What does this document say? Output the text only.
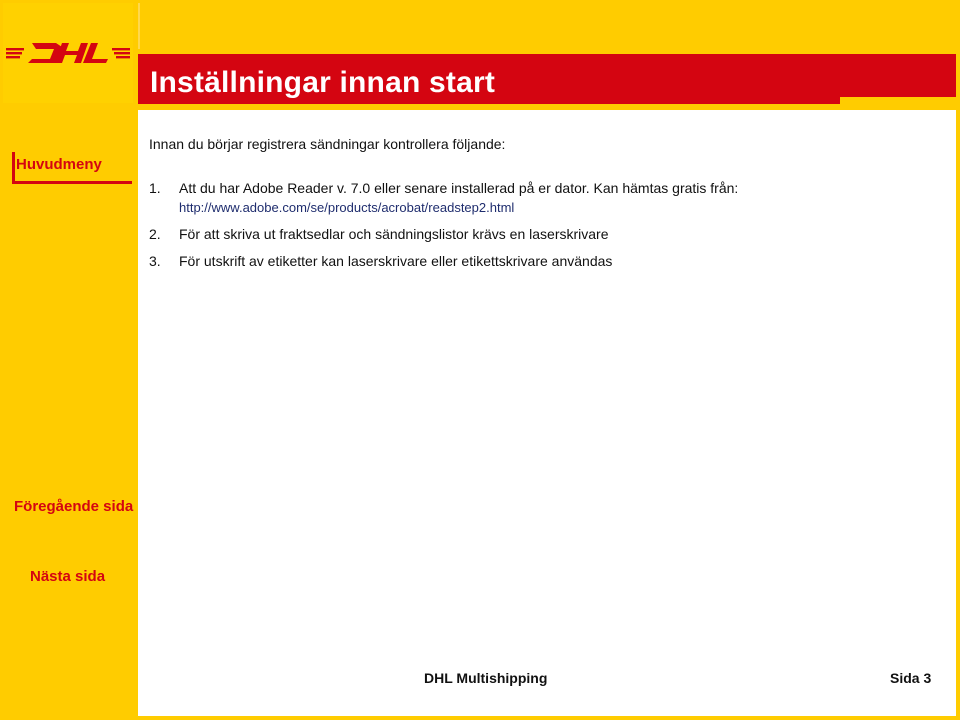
Inställningar innan start

Innan du börjar registrera sändningar kontrollera följande:

1. Att du har Adobe Reader v. 7.0 eller senare installerad på er dator. Kan hämtas gratis från:

http://www.adobe.com/se/products/acrobat/readstep2.html

2. För att skriva ut fraktsedlar och sändningslistor krävs en laserskrivare

3. För utskrift av etiketter kan laserskrivare eller etikettskrivare användas

DHL Multishipping	Sida 3
Huvudmeny
Föregående sida
Nästa sida
